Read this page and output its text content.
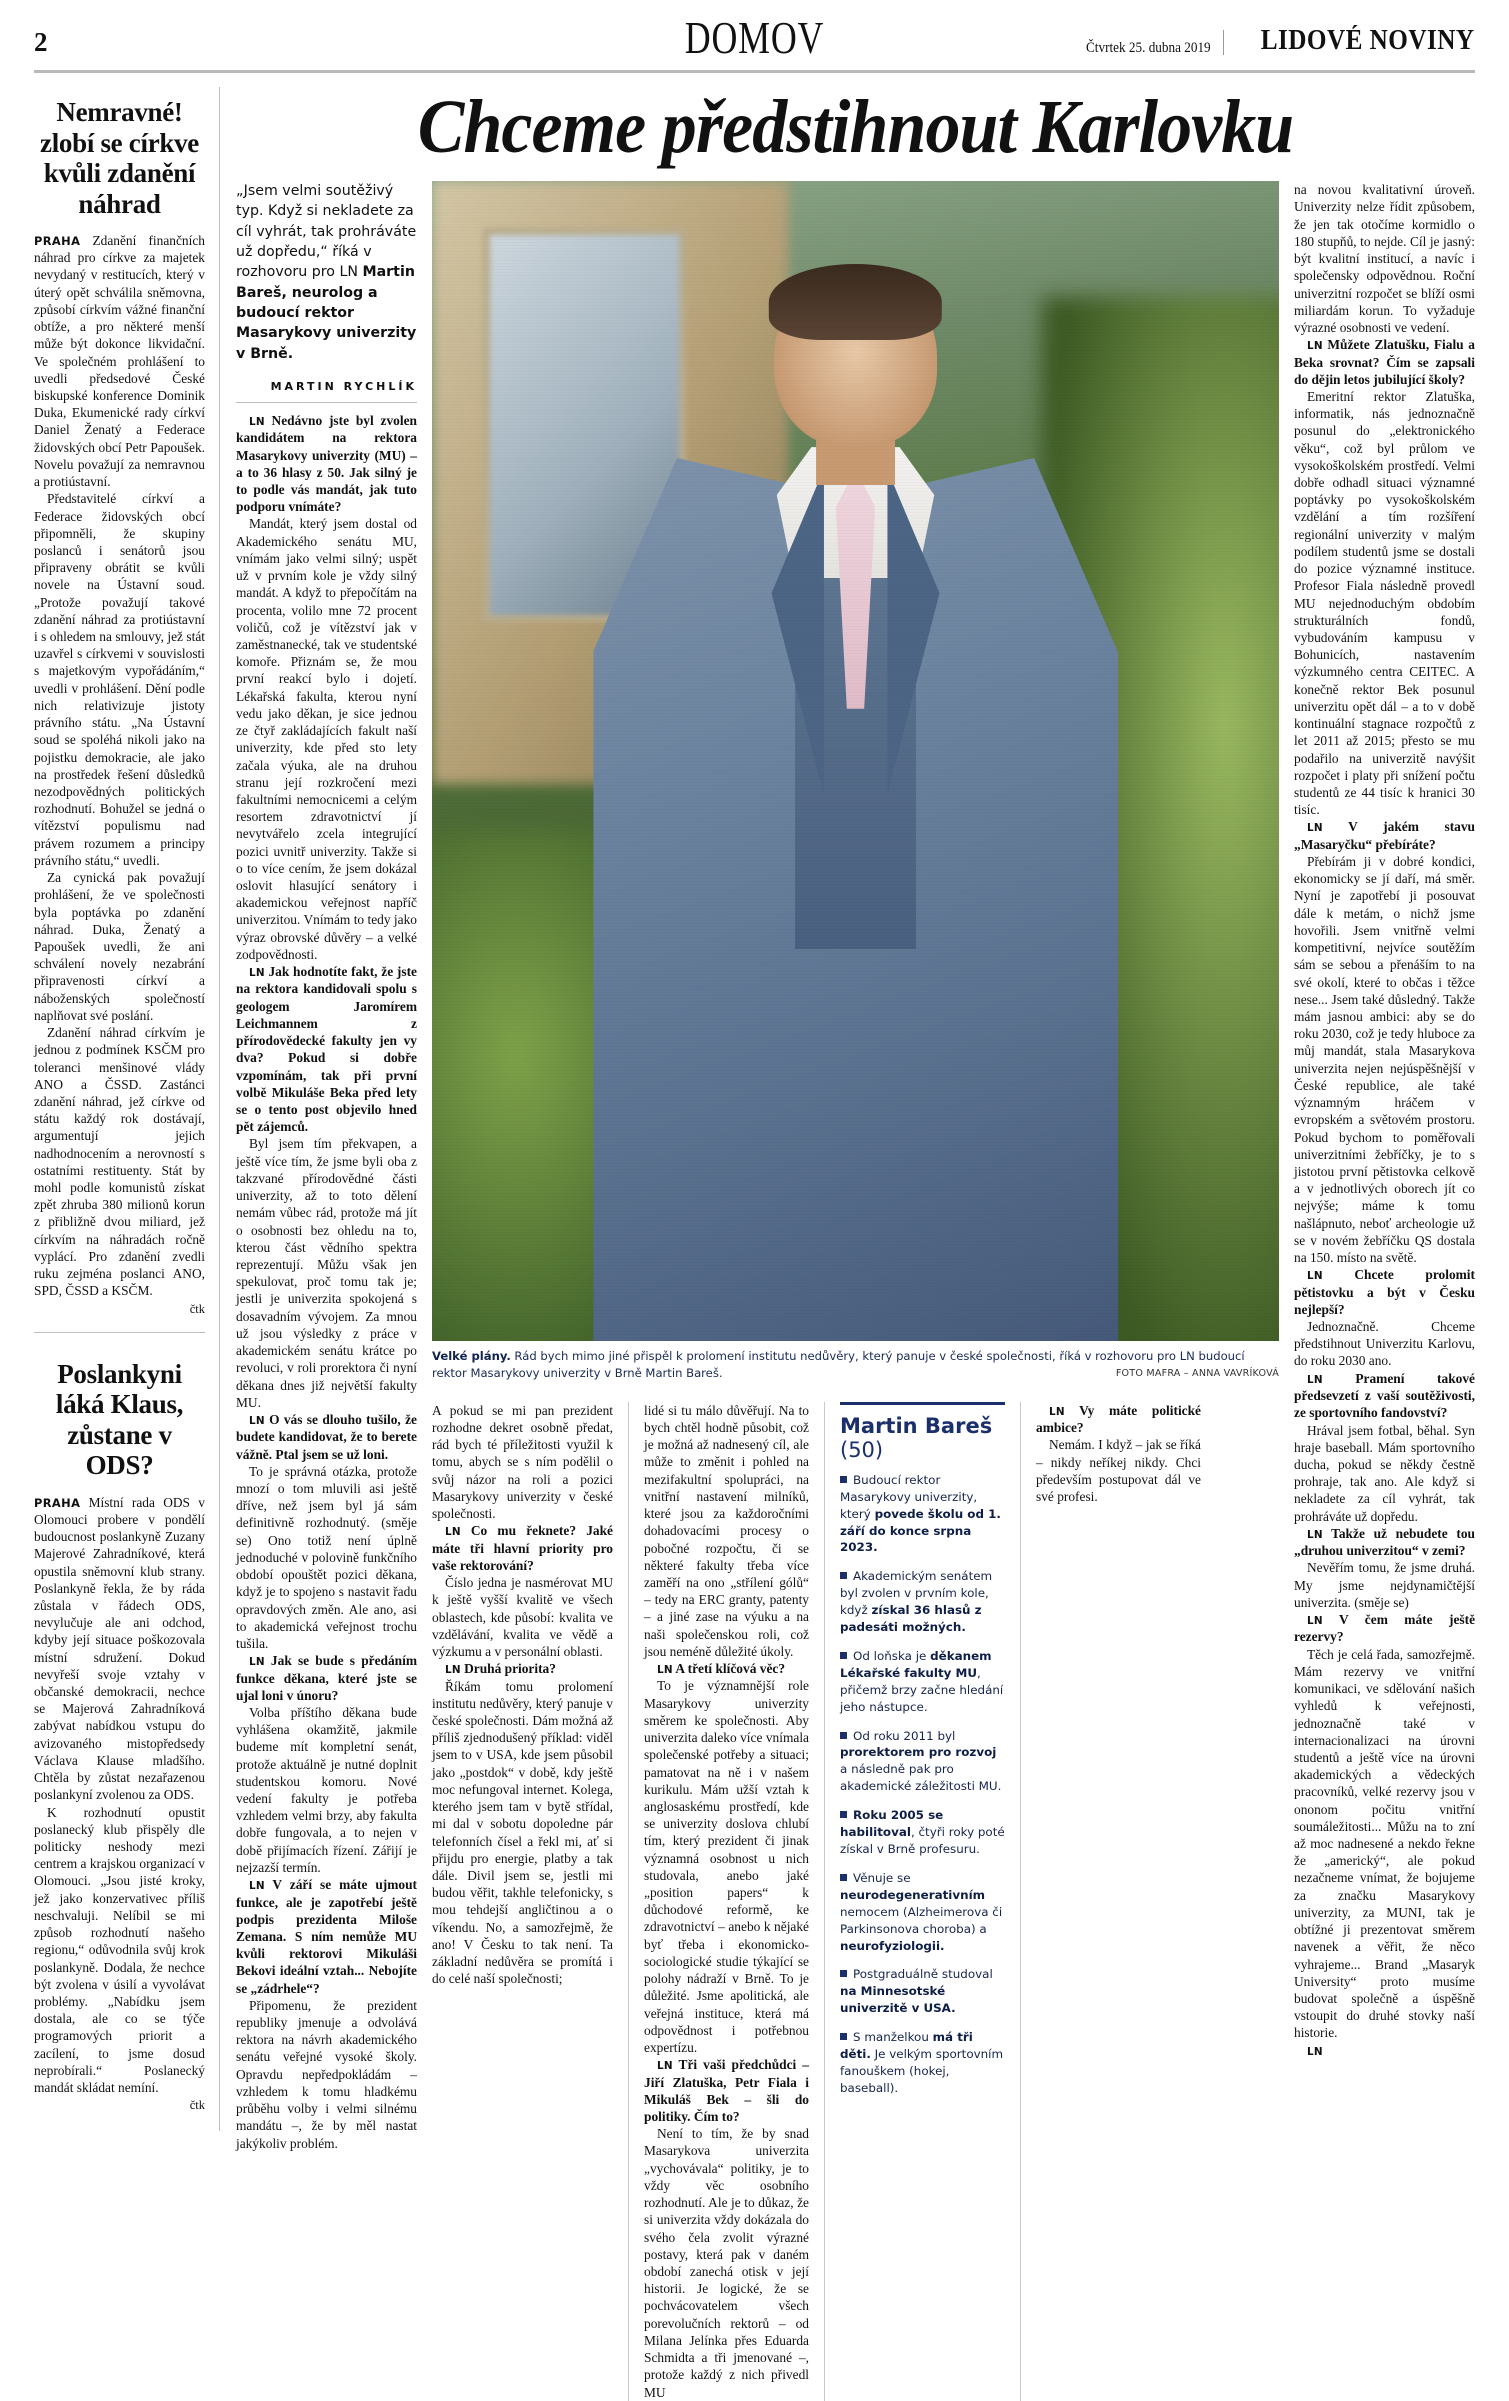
2	DOMOV	Čtvrtek 25. dubna 2019 LIDOVÉ NOVINY
Nemravné! zlobí se církve kvůli zdanění náhrad

PRAHA Zdanění finančních náhrad pro církve za majetek nevydaný v restitucích, který v úterý opět schválila sněmovna, způsobí církvím vážné finanční obtíže, a pro některé menší může být dokonce likvidační. Ve společném prohlášení to uvedli předsedové České biskupské konference Dominik Duka, Ekumenické rady církví Daniel Ženatý a Federace židovských obcí Petr Papoušek. Novelu považují za nemravnou a protiústavní.

Představitelé církví a Federace židovských obcí připomněli, že skupiny poslanců i senátorů jsou připraveny obrátit se kvůli novele na Ústavní soud. „Protože považují takové zdanění náhrad za protiústavní i s ohledem na smlouvy, jež stát uzavřel s církvemi v souvislosti s majetkovým vypořádáním,“ uvedli v prohlášení. Dění podle nich relativizuje jistoty právního státu. „Na Ústavní soud se spoléhá nikoli jako na pojistku demokracie, ale jako na prostředek řešení důsledků nezodpovědných politických rozhodnutí. Bohužel se jedná o vítězství populismu nad právem rozumem a principy právního státu,“ uvedli.

Za cynická pak považují prohlášení, že ve společnosti byla poptávka po zdanění náhrad. Duka, Ženatý a Papoušek uvedli, že ani schválení novely nezabrání připravenosti církví a náboženských společností naplňovat své poslání.

Zdanění náhrad církvím je jednou z podmínek KSČM pro toleranci menšinové vlády ANO a ČSSD. Zastánci zdanění náhrad, jež církve od státu každý rok dostávají, argumentují jejich nadhodnocením a nerovností s ostatními restituenty. Stát by mohl podle komunistů získat zpět zhruba 380 milionů korun z přibližně dvou miliard, jež církvím na náhradách ročně vyplácí. Pro zdanění zvedli ruku zejména poslanci ANO, SPD, ČSSD a KSČM.

čtk
Poslankyni láká Klaus, zůstane v ODS?

PRAHA Místní rada ODS v Olomouci probere v pondělí budoucnost poslankyně Zuzany Majerové Zahradníkové, která opustila sněmovní klub strany. Poslankyně řekla, že by ráda zůstala v řádech ODS, nevylučuje ale ani odchod, kdyby její situace poškozovala místní sdružení. Dokud nevyřeší svoje vztahy v občanské demokracii, nechce se Majerová Zahradníková zabývat nabídkou vstupu do avizovaného mistopředsedy Václava Klause mladšího. Chtěla by zůstat nezařazenou poslankyní zvolenou za ODS.

K rozhodnutí opustit poslanecký klub přispěly dle politicky neshody mezi centrem a krajskou organizací v Olomouci. „Jsou jisté kroky, jež jako konzervativec příliš neschvaluji. Nelíbil se mi způsob rozhodnutí našeho regionu,“ odůvodnila svůj krok poslankyně. Dodala, že nechce být zvolena v úsilí a vyvolávat problémy. „Nabídku jsem dostala, ale co se týče programových priorit a zacílení, to jsme dosud neprobírali.“ Poslanecký mandát skládat nemíní.

čtk
Chceme předstihnout Karlovku
„Jsem velmi soutěživý typ. Když si nekladete za cíl vyhrát, tak prohráváte už dopředu,“ říká v rozhovoru pro LN Martin Bareš, neurolog a budoucí rektor Masarykovy univerzity v Brně.
MARTIN RYCHLÍK

LN Nedávno jste byl zvolen kandidátem na rektora Masarykovy univerzity (MU) – a to 36 hlasy z 50. Jak silný je to podle vás mandát, jak tuto podporu vnímáte?

Mandát, který jsem dostal od Akademického senátu MU, vnímám jako velmi silný; uspět už v prvním kole je vždy silný mandát. A když to přepočítám na procenta, volilo mne 72 procent voličů, což je vítězství jak v zaměstnanecké, tak ve studentské komoře. Přiznám se, že mou první reakcí bylo i dojetí. Lékařská fakulta, kterou nyní vedu jako děkan, je sice jednou ze čtyř zakládajících fakult naší univerzity, kde před sto lety začala výuka, ale na druhou stranu její rozkročení mezi fakultními nemocnicemi a celým resortem zdravotnictví jí nevytvářelo zcela integrující pozici uvnitř univerzity. Takže si o to více cením, že jsem dokázal oslovit hlasující senátory i akademickou veřejnost napříč univerzitou. Vnímám to tedy jako výraz obrovské důvěry – a velké zodpovědnosti.

LN Jak hodnotíte fakt, že jste na rektora kandidovali spolu s geologem Jaromírem Leichmannem z přírodovědecké fakulty jen vy dva? Pokud si dobře vzpomínám, tak při první volbě Mikuláše Beka před lety se o tento post objevilo hned pět zájemců.

Byl jsem tím překvapen, a ještě více tím, že jsme byli oba z takzvané přírodovědné části univerzity, až to toto dělení nemám vůbec rád, protože má jít o osobnosti bez ohledu na to, kterou část vědního spektra reprezentují. Můžu však jen spekulovat, proč tomu tak je; jestli je univerzita spokojená s dosavadním vývojem. Za mnou už jsou výsledky z práce v akademickém senátu krátce po revoluci, v roli prorektora či nyní děkana dnes již největší fakulty MU.

LN O vás se dlouho tušilo, že budete kandidovat, že to berete vážně. Ptal jsem se už loni.

To je správná otázka, protože mnozí o tom mluvili asi ještě dříve, než jsem byl já sám definitivně rozhodnutý. (směje se) Ono totiž není úplně jednoduché v polovině funkčního období opouštět pozici děkana, když je to spojeno s nastavit řadu opravdových změn. Ale ano, asi to akademická veřejnost trochu tušila.

LN Jak se bude s předáním funkce děkana, které jste se ujal loni v únoru?

Volba příštího děkana bude vyhlášena okamžitě, jakmile budeme mít kompletní senát, protože aktuálně je nutné doplnit studentskou komoru. Nové vedení fakulty je potřeba vzhledem velmi brzy, aby fakulta dobře fungovala, a to nejen v době přijímacích řízení. Zářijí je nejzazší termín.

LN V září se máte ujmout funkce, ale je zapotřebí ještě podpis prezidenta Miloše Zemana. S ním nemůže MU kvůli rektorovi Mikuláši Bekovi ideální vztah... Nebojíte se „zádrhele“?

Připomenu, že prezident republiky jmenuje a odvolává rektora na návrh akademického senátu veřejné vysoké školy. Opravdu nepředpokládám – vzhledem k tomu hladkému průběhu volby i velmi silnému mandátu –, že by měl nastat jakýkoliv problém.

Velké plány. Rád bych mimo jiné přispěl k prolomení institutu nedůvěry, který panuje v české společnosti, říká v rozhovoru pro LN budoucí rektor Masarykovy univerzity v Brně Martin Bareš.	FOTO MAFRA – ANNA VAVRÍKOVÁ

A pokud se mi pan prezident rozhodne dekret osobně předat, rád bych té příležitosti využil k tomu, abych se s ním podělil o svůj názor na roli a pozici Masarykovy univerzity v české společnosti.

LN Co mu řeknete? Jaké máte tři hlavní priority pro vaše rektorování?

Číslo jedna je nasmérovat MU k ještě vyšší kvalitě ve všech oblastech, kde působí: kvalita ve vzdělávání, kvalita ve vědě a výzkumu a v personální oblasti.

LN Druhá priorita?

Říkám tomu prolomení institutu nedůvěry, který panuje v české společnosti. Dám možná až příliš zjednodušený příklad: viděl jsem to v USA, kde jsem působil jako „postdok“ v době, kdy ještě moc nefungoval internet. Kolega, kterého jsem tam v bytě střídal, mi dal v sobotu dopoledne pár telefonních čísel a řekl mi, ať si přijdu pro energie, platby a tak dále. Divil jsem se, jestli mi budou věřit, takhle telefonicky, s mou tehdejší angličtinou a o víkendu. No, a samozřejmě, že ano! V Česku to tak není. Ta základní nedůvěra se promítá i do celé naší společnosti;

lidé si tu málo důvěřují. Na to bych chtěl hodně působit, což je možná až nadnesený cíl, ale může to změnit i pohled na mezifakultní spolupráci, na vnitřní nastavení milníků, které jsou za každoročními dohadovacími procesy o pobočné rozpočtu, či se některé fakulty třeba více zaměří na ono „střílení gólů“ – tedy na ERC granty, patenty – a jiné zase na výuku a na naši společenskou roli, což jsou neméně důležité úkoly.

LN A třetí klíčová věc?

To je významnější role Masarykovy univerzity směrem ke společnosti. Aby univerzita daleko více vnímala společenské potřeby a situaci; pamatovat na ně i v našem kurikulu. Mám užší vztah k anglosaskému prostředí, kde se univerzity doslova chlubí tím, který prezident či jinak významná osobnost u nich studovala, anebo jaké „position papers“ k důchodové reformě, ke zdravotnictví – anebo k nějaké byť třeba i ekonomicko-sociologické studie týkající se polohy nádraží v Brně. To je důležité. Jsme apolitická, ale veřejná instituce, která má odpovědnost i potřebnou expertízu.

LN Tři vaši předchůdci – Jiří Zlatuška, Petr Fiala i Mikuláš Bek – šli do politiky. Čím to?

Není to tím, že by snad Masarykova univerzita „vychovávala“ politiky, je to vždy věc osobního rozhodnutí. Ale je to důkaz, že si univerzita vždy dokázala do svého čela zvolit výrazné postavy, která pak v daném období zanechá otisk v její historii. Je logické, že se pochvácovatelem všech porevolučních rektorů – od Milana Jelínka přes Eduarda Schmidta a tři jmenované –, protože každý z nich přivedl MU

Martin Bareš (50)
Budoucí rektor Masarykovy univerzity, který povede školu od 1. září do konce srpna 2023.
Akademickým senátem byl zvolen v prvním kole, když získal 36 hlasů z padesáti možných.
Od loňska je děkanem Lékařské fakulty MU, přičemž brzy začne hledání jeho nástupce.
Od roku 2011 byl prorektorem pro rozvoj a následně pak pro akademické záležitosti MU.
Roku 2005 se habilitoval, čtyři roky poté získal v Brně profesuru.
Věnuje se neurodegenerativním nemocem (Alzheimerova či Parkinsonova choroba) a neurofyziologii.
Postgraduálně studoval na Minnesotské univerzitě v USA.
S manželkou má tři děti. Je velkým sportovním fanouškem (hokej, baseball).

LN Vy máte politické ambice?

Nemám. I když – jak se říká – nikdy neříkej nikdy. Chci především postupovat dál ve své profesi.

na novou kvalitativní úroveň. Univerzity nelze řídit způsobem, že jen tak otočíme kormidlo o 180 stupňů, to nejde. Cíl je jasný: být kvalitní institucí, a navíc i společensky odpovědnou. Roční univerzitní rozpočet se blíží osmi miliardám korun. To vyžaduje výrazné osobnosti ve vedení.

LN Můžete Zlatušku, Fialu a Beka srovnat? Čím se zapsali do dějin letos jubilující školy?

Emeritní rektor Zlatuška, informatik, nás jednoznačně posunul do „elektronického věku“, což byl průlom ve vysokoškolském prostředí. Velmi dobře odhadl situaci významné poptávky po vysokoškolském vzdělání a tím rozšíření regionální univerzity v malým podílem studentů jsme se dostali do pozice významné instituce. Profesor Fiala následně provedl MU nejednoduchým obdobím strukturálních fondů, vybudováním kampusu v Bohunicích, nastavením výzkumného centra CEITEC. A konečně rektor Bek posunul univerzitu opět dál – a to v době kontinuální stagnace rozpočtů z let 2011 až 2015; přesto se mu podařilo na univerzitě navýšit rozpočet i platy při snížení počtu studentů ze 44 tisíc k hranici 30 tisíc.

LN V jakém stavu „Masaryčku“ přebíráte?

Přebírám ji v dobré kondici, ekonomicky se jí daří, má směr. Nyní je zapotřebí ji posouvat dále k metám, o nichž jsme hovořili. Jsem vnitřně velmi kompetitivní, nejvíce soutěžím sám se sebou a přenáším to na své okolí, které to občas i těžce nese... Jsem také důsledný. Takže mám jasnou ambici: aby se do roku 2030, což je tedy hluboce za můj mandát, stala Masarykova univerzita nejen nejúspěšnější v České republice, ale také významným hráčem v evropském a světovém prostoru. Pokud bychom to poměřovali univerzitními žebříčky, je to s jistotou první pětistovka celkově a v jednotlivých oborech jít co nejvýše; máme k tomu našlápnuto, neboť archeologie už se v novém žebříčku QS dostala na 150. místo na světě.

LN Chcete prolomit pětistovku a být v Česku nejlepší?

Jednoznačně. Chceme předstihnout Univerzitu Karlovu, do roku 2030 ano.

LN Pramení takové předsevzetí z vaší soutěživosti, ze sportovního fandovství?

Hrával jsem fotbal, běhal. Syn hraje baseball. Mám sportovního ducha, pokud se někdy čestně prohraje, tak ano. Ale když si nekladete za cíl vyhrát, tak prohráváte už dopředu.

LN Takže už nebudete tou „druhou univerzitou“ v zemi?

Nevěřím tomu, že jsme druhá. My jsme nejdynamičtější univerzita. (směje se)

LN V čem máte ještě rezervy?

Těch je celá řada, samozřejmě. Mám rezervy ve vnitřní komunikaci, ve sdělování našich vyhledů k veřejnosti, jednoznačně také v internacionalizaci na úrovni studentů a ještě více na úrovni akademických a vědeckých pracovníků, velké rezervy jsou v ononom počitu vnitřní soumáležitosti... Můžu na to zní až moc nadnesené a nekdo řekne že „americký“, ale pokud nezačneme vnímat, že bojujeme za značku Masarykovy univerzity, za MUNI, tak je obtížné ji prezentovat směrem navenek a věřit, že něco vyhrajeme... Brand „Masaryk University“ proto musíme budovat společně a úspěšně vstoupit do druhé stovky naší historie.

LN
